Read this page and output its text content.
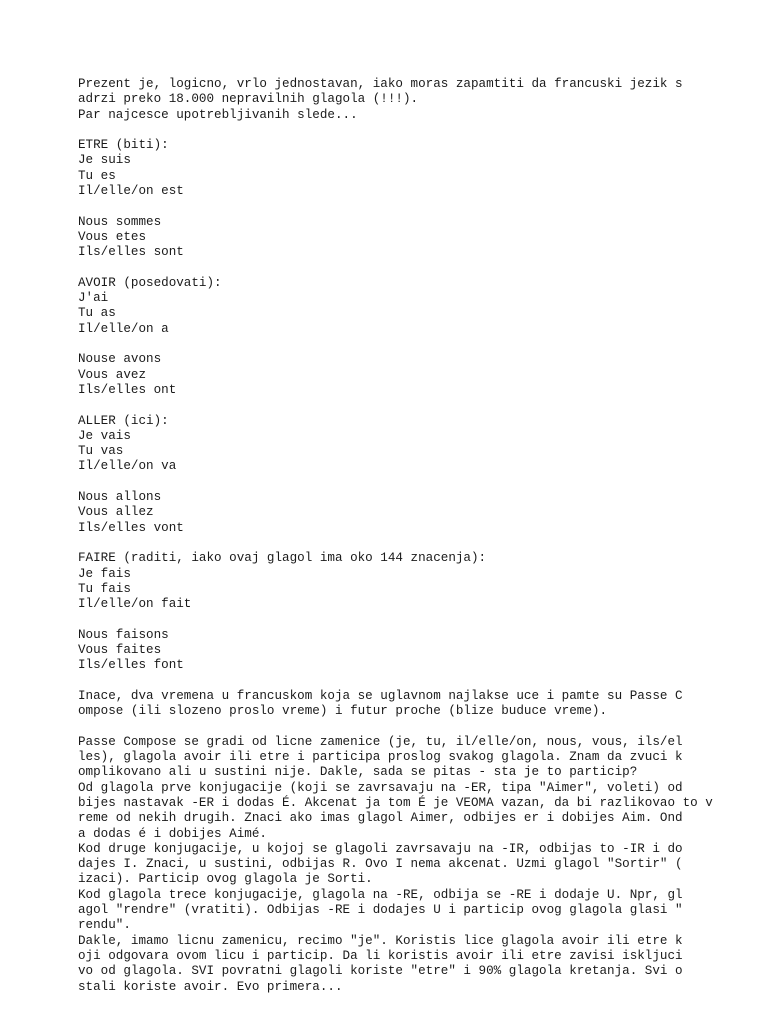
Prezent je, logicno, vrlo jednostavan, iako moras zapamtiti da francuski jezik s
adrzi preko 18.000 nepravilnih glagola (!!!).
Par najcesce upotrebljivanih slede...
ETRE (biti):
Je suis
Tu es
Il/elle/on est
Nous sommes
Vous etes
Ils/elles sont
AVOIR (posedovati):
J'ai
Tu as
Il/elle/on a
Nouse avons
Vous avez
Ils/elles ont
ALLER (ici):
Je vais
Tu vas
Il/elle/on va
Nous allons
Vous allez
Ils/elles vont
FAIRE (raditi, iako ovaj glagol ima oko 144 znacenja):
Je fais
Tu fais
Il/elle/on fait
Nous faisons
Vous faites
Ils/elles font
Inace, dva vremena u francuskom koja se uglavnom najlakse uce i pamte su Passe C
ompose (ili slozeno proslo vreme) i futur proche (blize buduce vreme).
Passe Compose se gradi od licne zamenice (je, tu, il/elle/on, nous, vous, ils/el
les), glagola avoir ili etre i participa proslog svakog glagola. Znam da zvuci k
omplikovano ali u sustini nije. Dakle, sada se pitas - sta je to particip?
Od glagola prve konjugacije (koji se zavrsavaju na -ER, tipa "Aimer", voleti) od
bijes nastavak -ER i dodas É. Akcenat ja tom É je VEOMA vazan, da bi razlikovao to v
reme od nekih drugih. Znaci ako imas glagol Aimer, odbijes er i dobijes Aim. Ond
a dodas é i dobijes Aimé.
Kod druge konjugacije, u kojoj se glagoli zavrsavaju na -IR, odbijas to -IR i do
dajes I. Znaci, u sustini, odbijas R. Ovo I nema akcenat. Uzmi glagol "Sortir" (
izaci). Particip ovog glagola je Sorti.
Kod glagola trece konjugacije, glagola na -RE, odbija se -RE i dodaje U. Npr, gl
agol "rendre" (vratiti). Odbijas -RE i dodajes U i particip ovog glagola glasi "
rendu".
Dakle, imamo licnu zamenicu, recimo "je". Koristis lice glagola avoir ili etre k
oji odgovara ovom licu i particip. Da li koristis avoir ili etre zavisi iskljuci
vo od glagola. SVI povratni glagoli koriste "etre" i 90% glagola kretanja. Svi o
stali koriste avoir. Evo primera...
